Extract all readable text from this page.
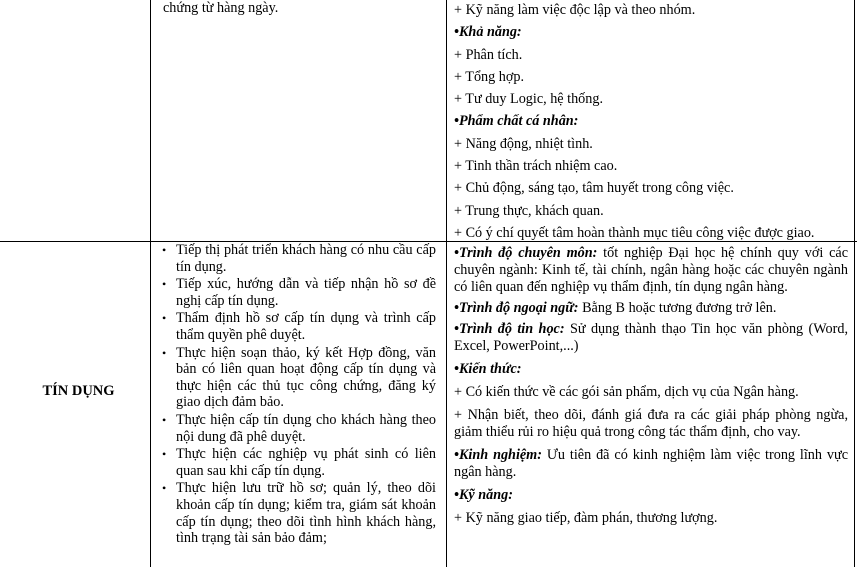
chứng từ hàng ngày.	+ Kỹ năng làm việc độc lập và theo nhóm.

•Khả năng:

+ Phân tích.

+ Tổng hợp.

+ Tư duy Logic, hệ thống.

•Phẩm chất cá nhân:

+ Năng động, nhiệt tình.

+ Tinh thần trách nhiệm cao.

+ Chủ động, sáng tạo, tâm huyết trong công việc.

+ Trung thực, khách quan.

+ Có ý chí quyết tâm hoàn thành mục tiêu công việc được giao.

TÍN DỤNG
• Tiếp thị phát triển khách hàng có nhu cầu cấp tín dụng.
• Tiếp xúc, hướng dẫn và tiếp nhận hồ sơ đề nghị cấp tín dụng.
• Thẩm định hồ sơ cấp tín dụng và trình cấp thẩm quyền phê duyệt.
• Thực hiện soạn thảo, ký kết Hợp đồng, văn bản có liên quan hoạt động cấp tín dụng và thực hiện các thủ tục công chứng, đăng ký giao dịch đảm bảo.
• Thực hiện cấp tín dụng cho khách hàng theo nội dung đã phê duyệt.
• Thực hiện các nghiệp vụ phát sinh có liên quan sau khi cấp tín dụng.
• Thực hiện lưu trữ hồ sơ; quản lý, theo dõi khoản cấp tín dụng; kiểm tra, giám sát khoản cấp tín dụng; theo dõi tình hình khách hàng, tình trạng tài sản bảo đảm;

•Trình độ chuyên môn: tốt nghiệp Đại học hệ chính quy với các chuyên ngành: Kinh tế, tài chính, ngân hàng hoặc các chuyên ngành có liên quan đến nghiệp vụ thẩm định, tín dụng ngân hàng.

•Trình độ ngoại ngữ: Bằng B hoặc tương đương trở lên.

•Trình độ tin học: Sử dụng thành thạo Tin học văn phòng (Word, Excel, PowerPoint,...)

•Kiến thức:

+ Có kiến thức về các gói sản phẩm, dịch vụ của Ngân hàng.

+ Nhận biết, theo dõi, đánh giá đưa ra các giải pháp phòng ngừa, giảm thiểu rủi ro hiệu quả trong công tác thẩm định, cho vay.

•Kinh nghiệm: Ưu tiên đã có kinh nghiệm làm việc trong lĩnh vực ngân hàng.

•Kỹ năng:

+ Kỹ năng giao tiếp, đàm phán, thương lượng.
